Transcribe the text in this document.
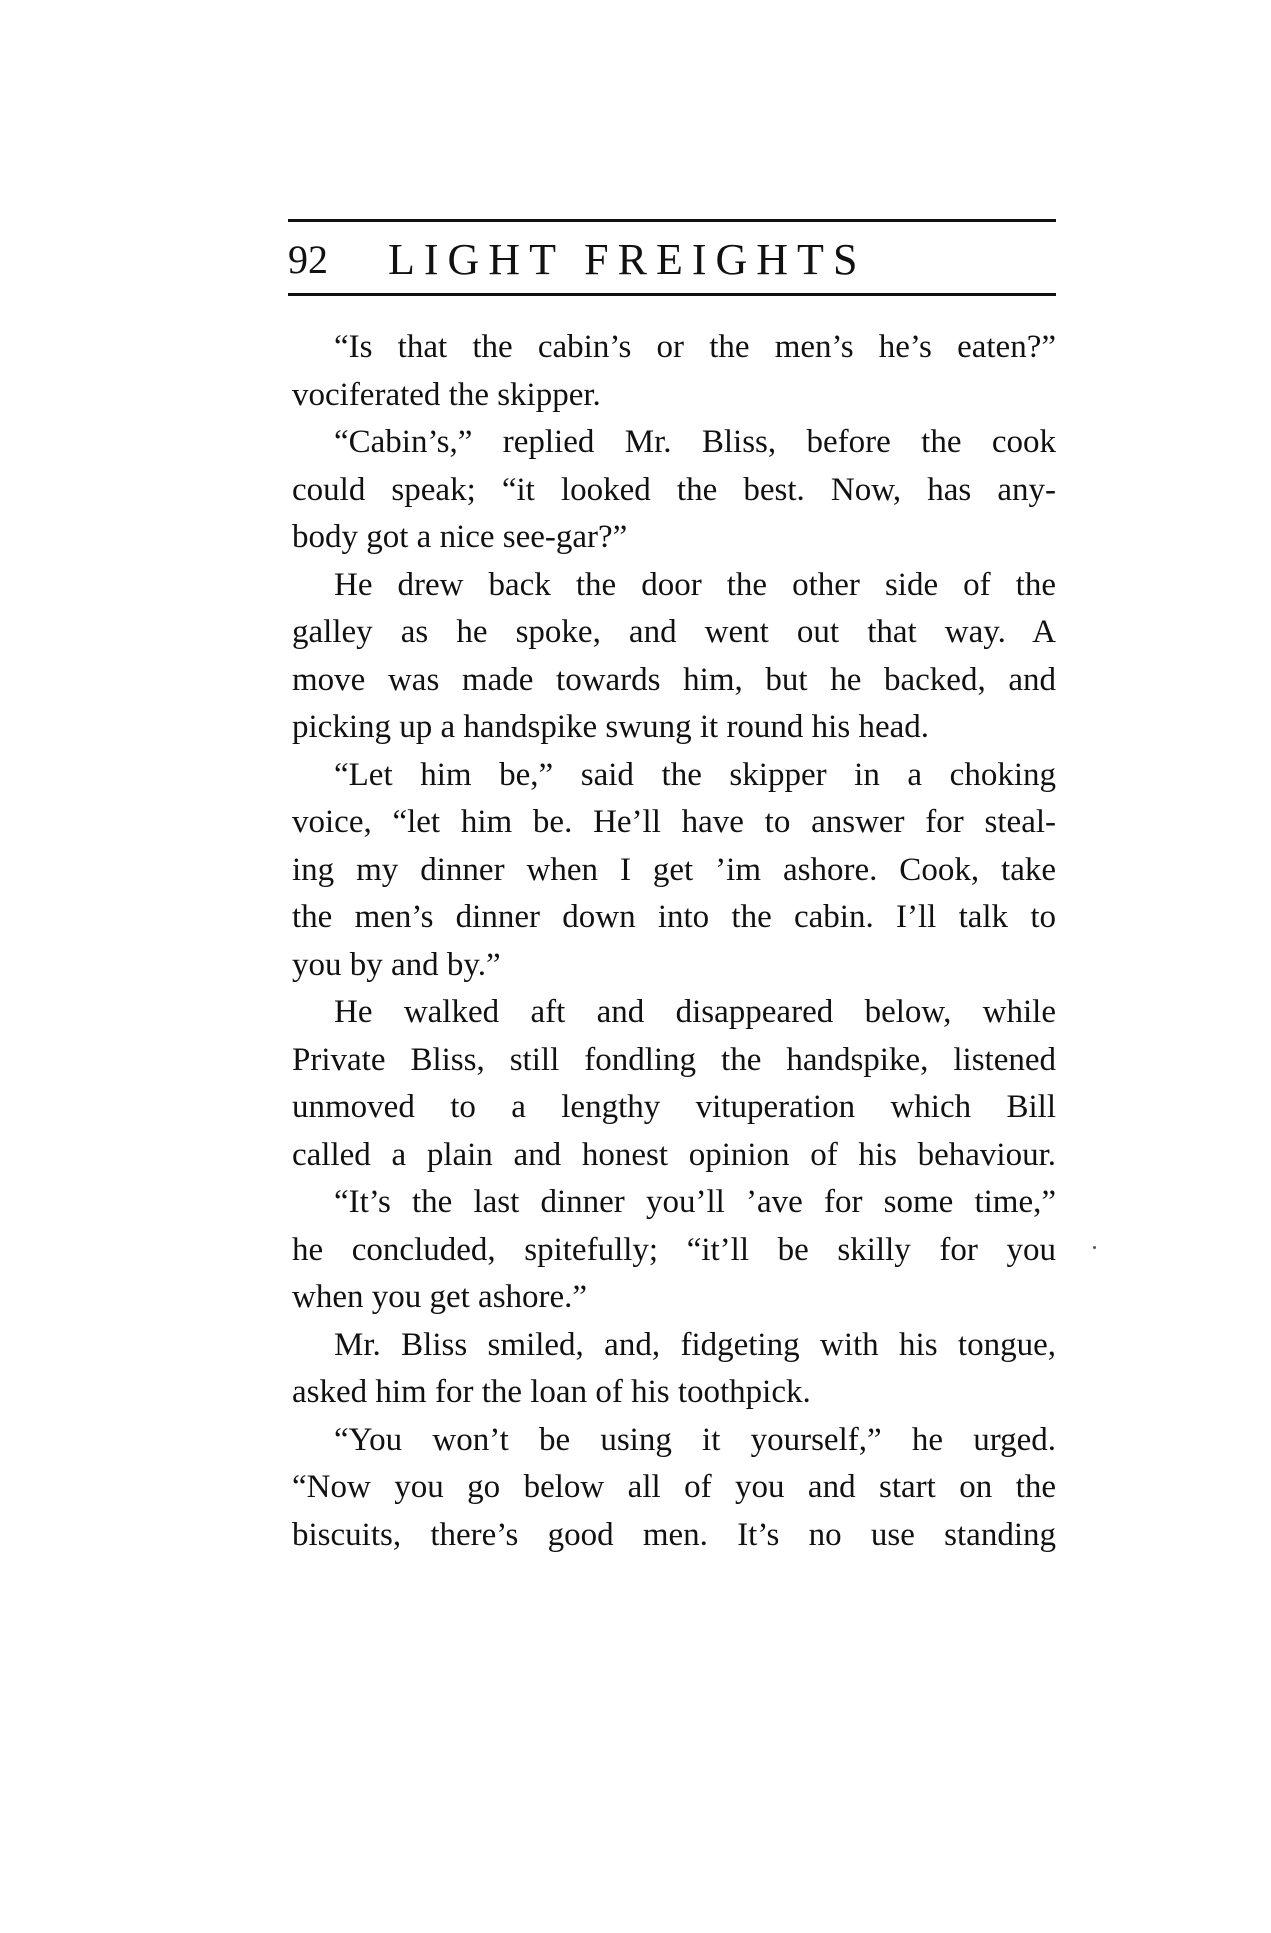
92 LIGHT FREIGHTS
“Is that the cabin’s or the men’s he’s eaten?”
vociferated the skipper.
“Cabin’s,” replied Mr. Bliss, before the cook
could speak; “it looked the best. Now, has any-
body got a nice see-gar?”
He drew back the door the other side of the
galley as he spoke, and went out that way. A
move was made towards him, but he backed, and
picking up a handspike swung it round his head.
“Let him be,” said the skipper in a choking
voice, “let him be. He’ll have to answer for steal-
ing my dinner when I get ’im ashore. Cook, take
the men’s dinner down into the cabin. I’ll talk to
you by and by.”
He walked aft and disappeared below, while
Private Bliss, still fondling the handspike, listened
unmoved to a lengthy vituperation which Bill
called a plain and honest opinion of his behaviour.
“It’s the last dinner you’ll ’ave for some time,”
he concluded, spitefully; “it’ll be skilly for you
when you get ashore.”
Mr. Bliss smiled, and, fidgeting with his tongue,
asked him for the loan of his toothpick.
“You won’t be using it yourself,” he urged.
“Now you go below all of you and start on the
biscuits, there’s good men. It’s no use standing
